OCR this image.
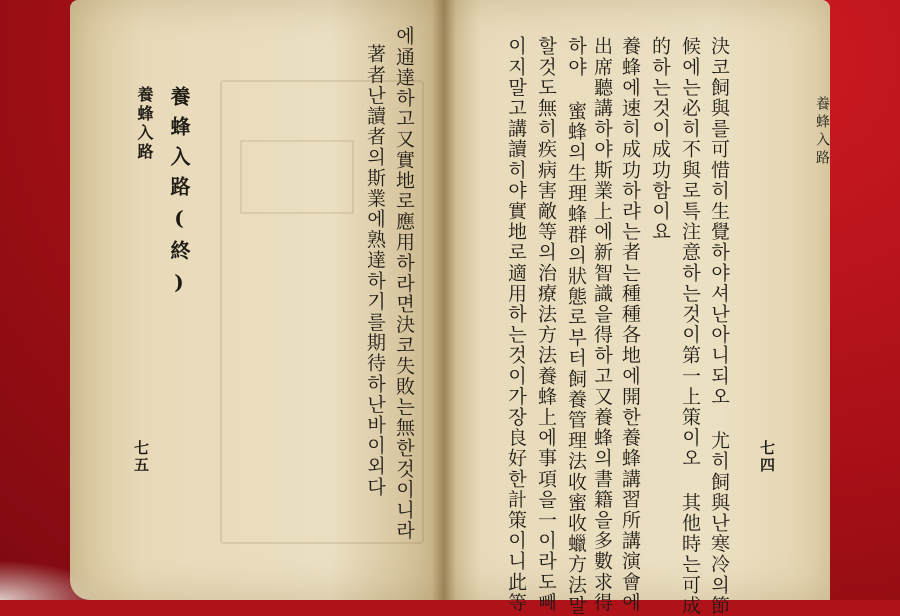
養蜂入路 養蜂入路(終)
七五	에通達하고又實地로應用하라면決코失敗는無한것이니라
著者난讀者의斯業에熟達하기를期待하난바이외다	養蜂入路
七四
決코飼與를可惜히生覺하야셔난아니되오 尤히飼與난寒冷의節
候에는必히不與로특注意하는것이第一上策이오 其他時는可成
的하는것이成功함이요
養蜂에速히成功하랴는者는種種各地에開한養蜂講習所講演會에
出席聽講하야斯業上에新智識을得하고又養蜂의書籍을多數求得
하야 蜜蜂의生理蜂群의狀態로부터飼養管理法收蜜收蠟方法말
할것도無히疾病害敵等의治療法方法養蜂上에事項을一이라도빼
이지말고講讀히야實地로適用하는것이가장良好한計策이니此等
